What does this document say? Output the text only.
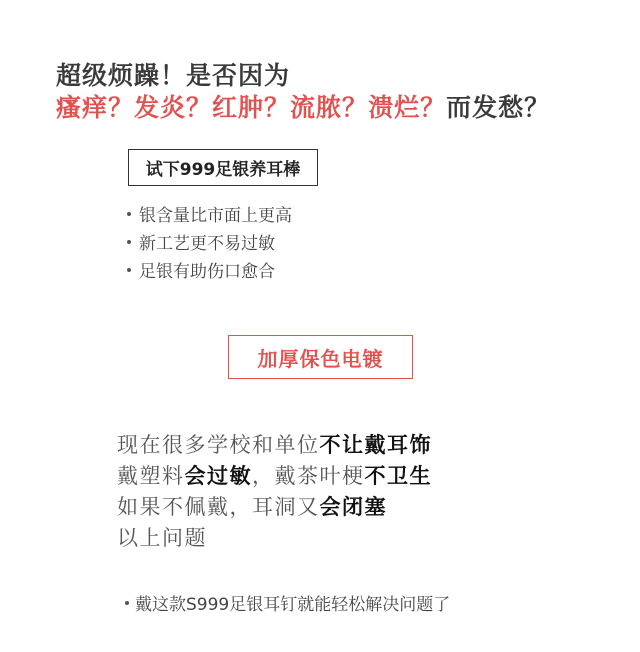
超级烦躁！是否因为
瘙痒？发炎？红肿？流脓？溃烂？而发愁？
试下999足银养耳棒
银含量比市面上更高
新工艺更不易过敏
足银有助伤口愈合
加厚保色电镀
现在很多学校和单位不让戴耳饰
戴塑料会过敏，戴茶叶梗不卫生
如果不佩戴，耳洞又会闭塞
以上问题
戴这款S999足银耳钉就能轻松解决问题了
